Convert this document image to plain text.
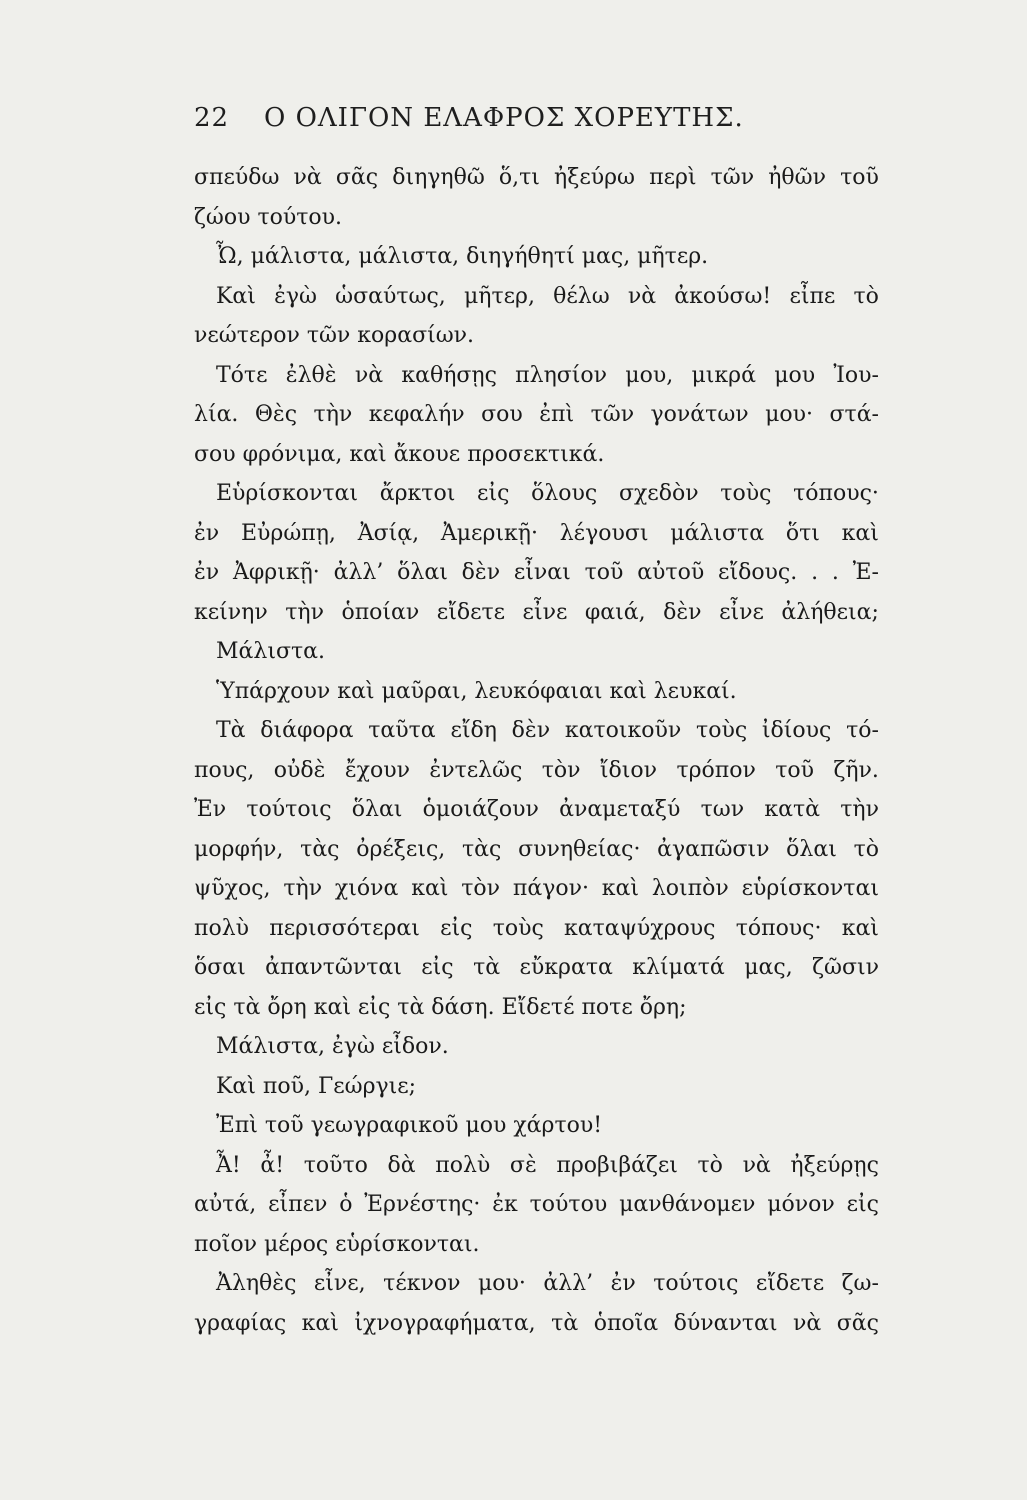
22 Ο ΟΛΙΓΟΝ ΕΛΑΦΡΟΣ ΧΟΡΕΥΤΗΣ.
σπεύδω νὰ σᾶς διηγηθῶ ὅ,τι ἠξεύρω περὶ τῶν ἠθῶν τοῦ
ζώου τούτου.
Ὦ, μάλιστα, μάλιστα, διηγήθητί μας, μῆτερ.
Καὶ ἐγὼ ὡσαύτως, μῆτερ, θέλω νὰ ἀκούσω! εἶπε τὸ
νεώτερον τῶν κορασίων.
Τότε ἐλθὲ νὰ καθήσῃς πλησίον μου, μικρά μου Ἰου-
λία. Θὲς τὴν κεφαλήν σου ἐπὶ τῶν γονάτων μου· στά-
σου φρόνιμα, καὶ ἄκουε προσεκτικά.
Εὑρίσκονται ἄρκτοι εἰς ὅλους σχεδὸν τοὺς τόπους·
ἐν Εὐρώπῃ, Ἀσίᾳ, Ἀμερικῇ· λέγουσι μάλιστα ὅτι καὶ
ἐν Ἀφρικῇ· ἀλλ’ ὅλαι δὲν εἶναι τοῦ αὐτοῦ εἴδους. . . Ἐ-
κείνην τὴν ὁποίαν εἴδετε εἶνε φαιά, δὲν εἶνε ἀλήθεια;
Μάλιστα.
Ὑπάρχουν καὶ μαῦραι, λευκόφαιαι καὶ λευκαί.
Τὰ διάφορα ταῦτα εἴδη δὲν κατοικοῦν τοὺς ἰδίους τό-
πους, οὐδὲ ἔχουν ἐντελῶς τὸν ἴδιον τρόπον τοῦ ζῆν.
Ἐν τούτοις ὅλαι ὁμοιάζουν ἀναμεταξύ των κατὰ τὴν
μορφήν, τὰς ὀρέξεις, τὰς συνηθείας· ἀγαπῶσιν ὅλαι τὸ
ψῦχος, τὴν χιόνα καὶ τὸν πάγον· καὶ λοιπὸν εὑρίσκονται
πολὺ περισσότεραι εἰς τοὺς καταψύχρους τόπους· καὶ
ὅσαι ἀπαντῶνται εἰς τὰ εὔκρατα κλίματά μας, ζῶσιν
εἰς τὰ ὄρη καὶ εἰς τὰ δάση. Εἴδετέ ποτε ὄρη;
Μάλιστα, ἐγὼ εἶδον.
Καὶ ποῦ, Γεώργιε;
Ἐπὶ τοῦ γεωγραφικοῦ μου χάρτου!
Ἆ! ἆ! τοῦτο δὰ πολὺ σὲ προβιβάζει τὸ νὰ ἠξεύρῃς
αὐτά, εἶπεν ὁ Ἐρνέστης· ἐκ τούτου μανθάνομεν μόνον εἰς
ποῖον μέρος εὑρίσκονται.
Ἀληθὲς εἶνε, τέκνον μου· ἀλλ’ ἐν τούτοις εἴδετε ζω-
γραφίας καὶ ἰχνογραφήματα, τὰ ὁποῖα δύνανται νὰ σᾶς
